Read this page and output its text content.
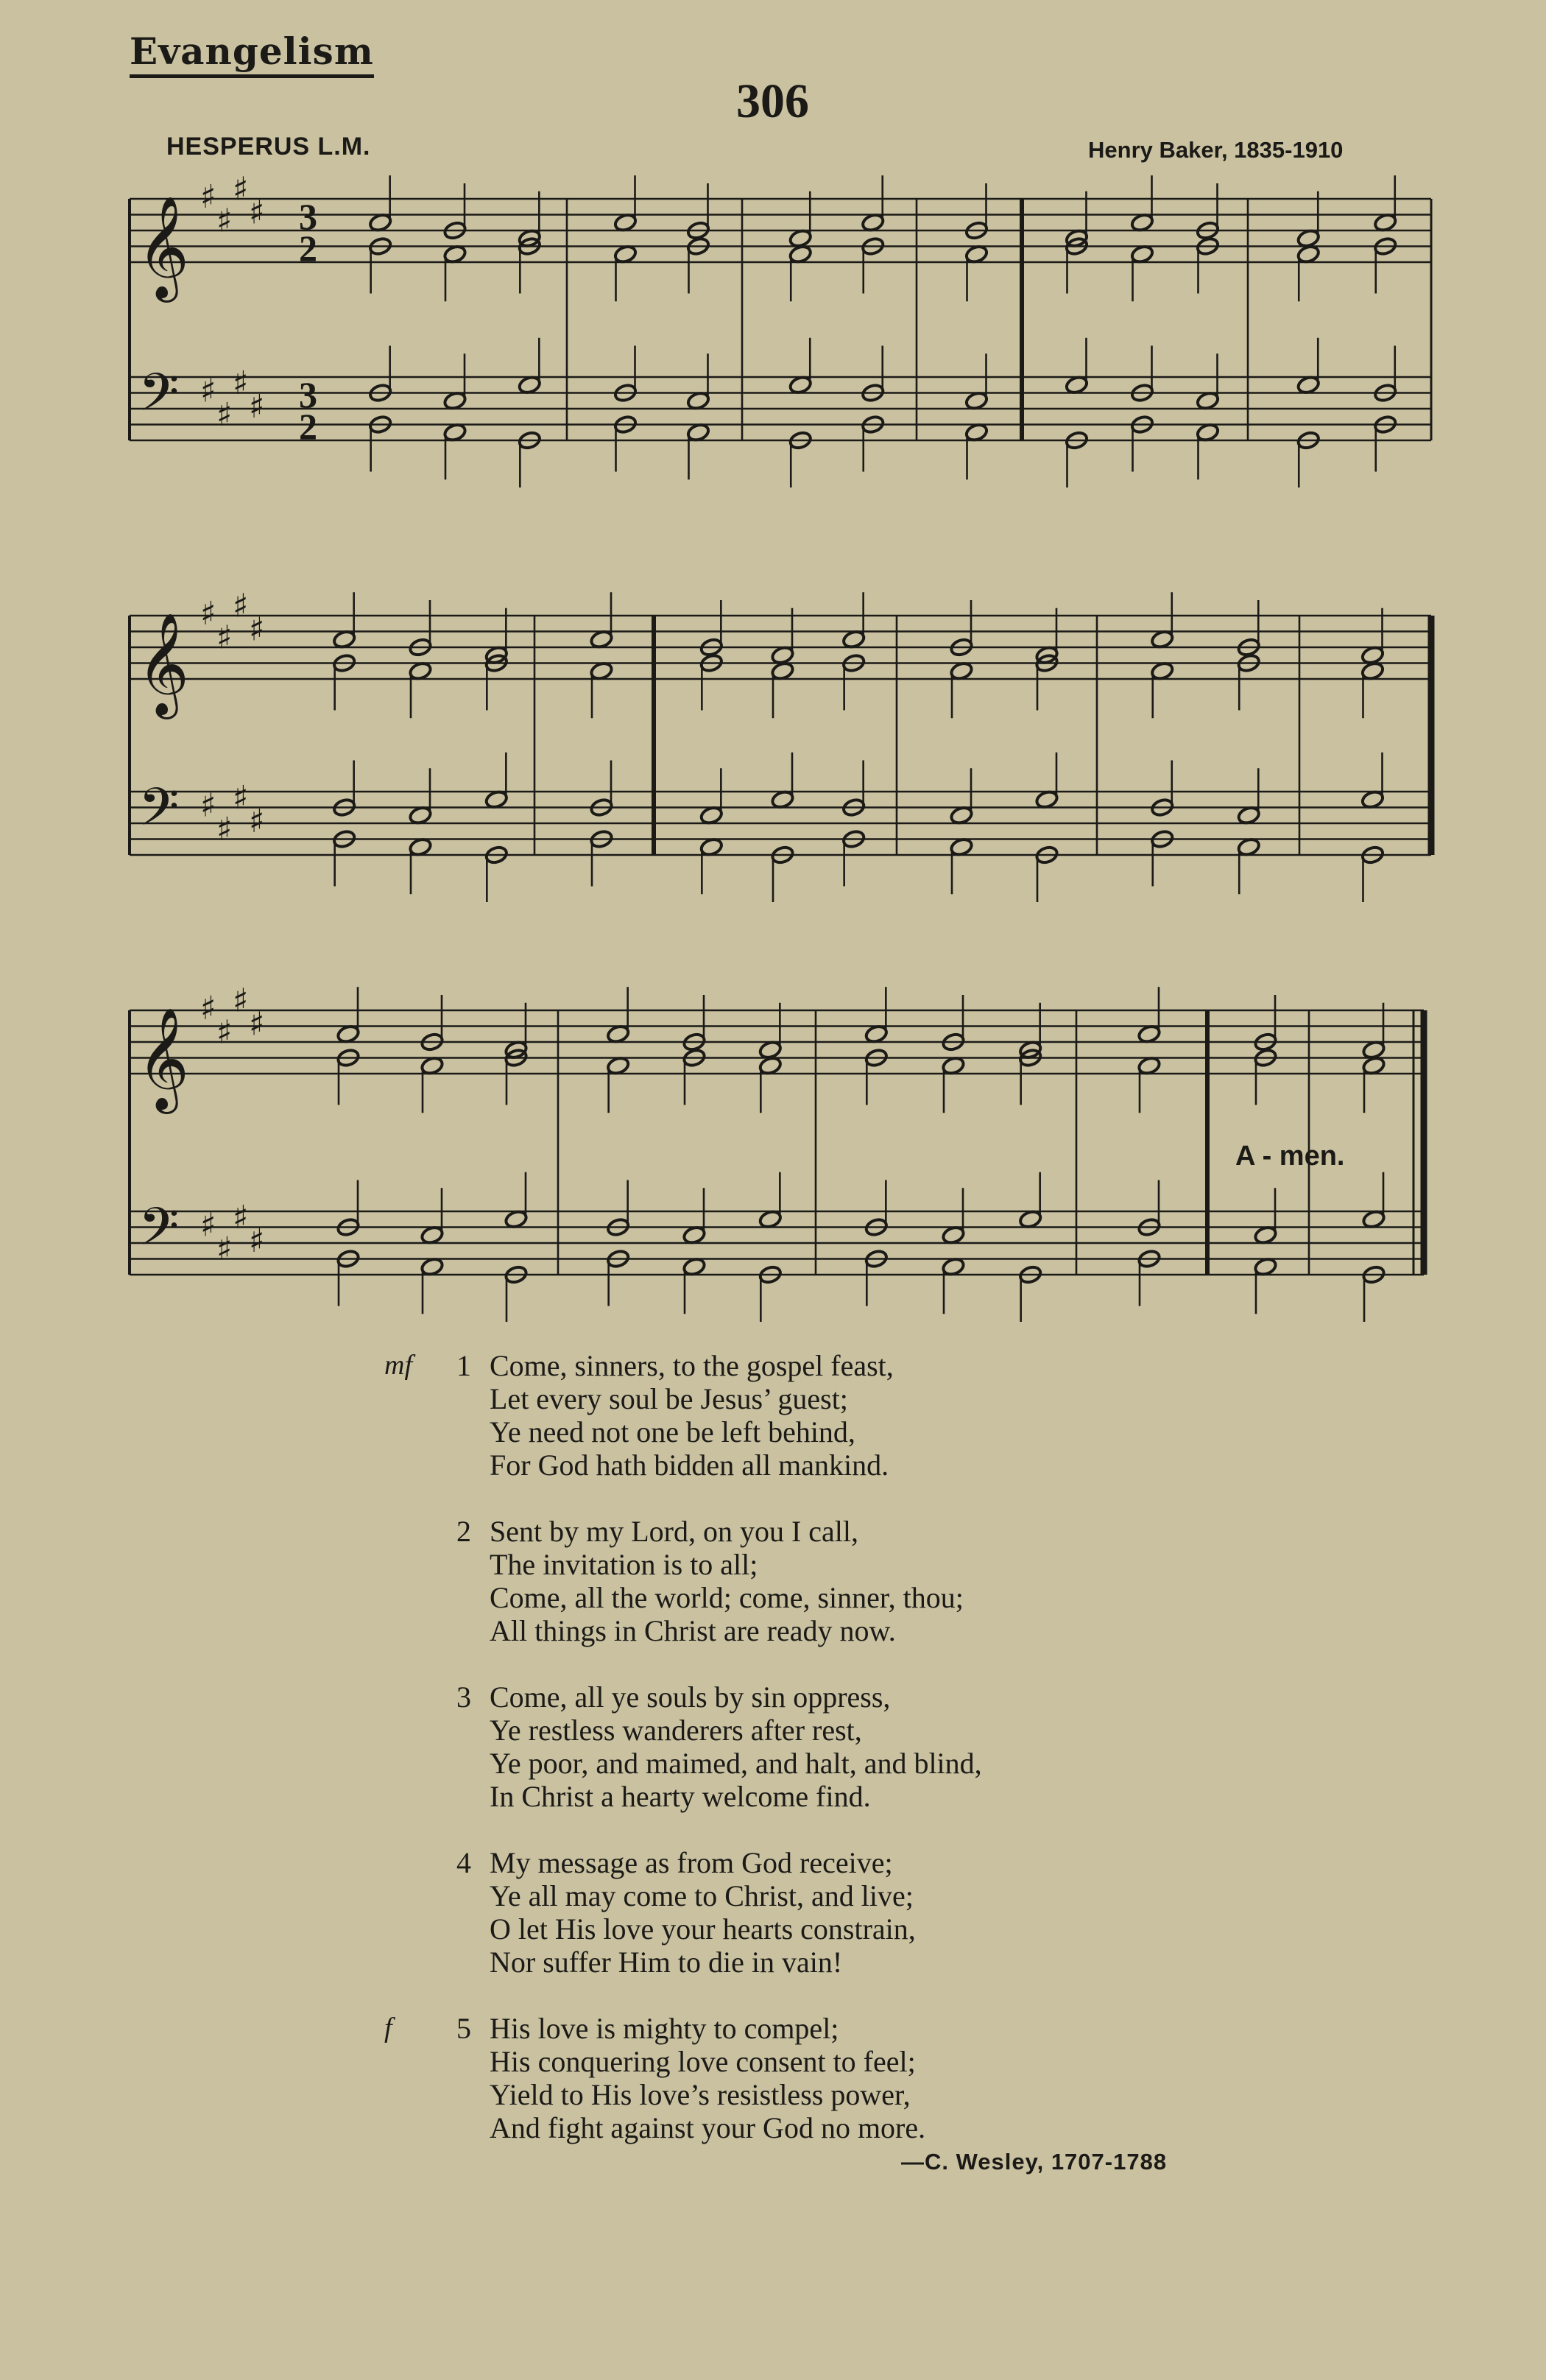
Evangelism
306
HESPERUS L.M.	Henry Baker, 1835-1910
𝄞
𝄢
♯
♯
♯
♯
♯
♯
♯
♯
3
2
3
2
𝄞
𝄢
♯
♯
♯
♯
♯
♯
♯
♯
𝄞
𝄢
♯
♯
♯
♯
♯
♯
♯
♯
A - men.
mf 1 Come, sinners, to the gospel feast,
Let every soul be Jesus’ guest;
Ye need not one be left behind,
For God hath bidden all mankind.
2 Sent by my Lord, on you I call,
The invitation is to all;
Come, all the world; come, sinner, thou;
All things in Christ are ready now.
3 Come, all ye souls by sin oppress,
Ye restless wanderers after rest,
Ye poor, and maimed, and halt, and blind,
In Christ a hearty welcome find.
4 My message as from God receive;
Ye all may come to Christ, and live;
O let His love your hearts constrain,
Nor suffer Him to die in vain!
f 5 His love is mighty to compel;
His conquering love consent to feel;
Yield to His love’s resistless power,
And fight against your God no more.
—C. Wesley, 1707-1788
